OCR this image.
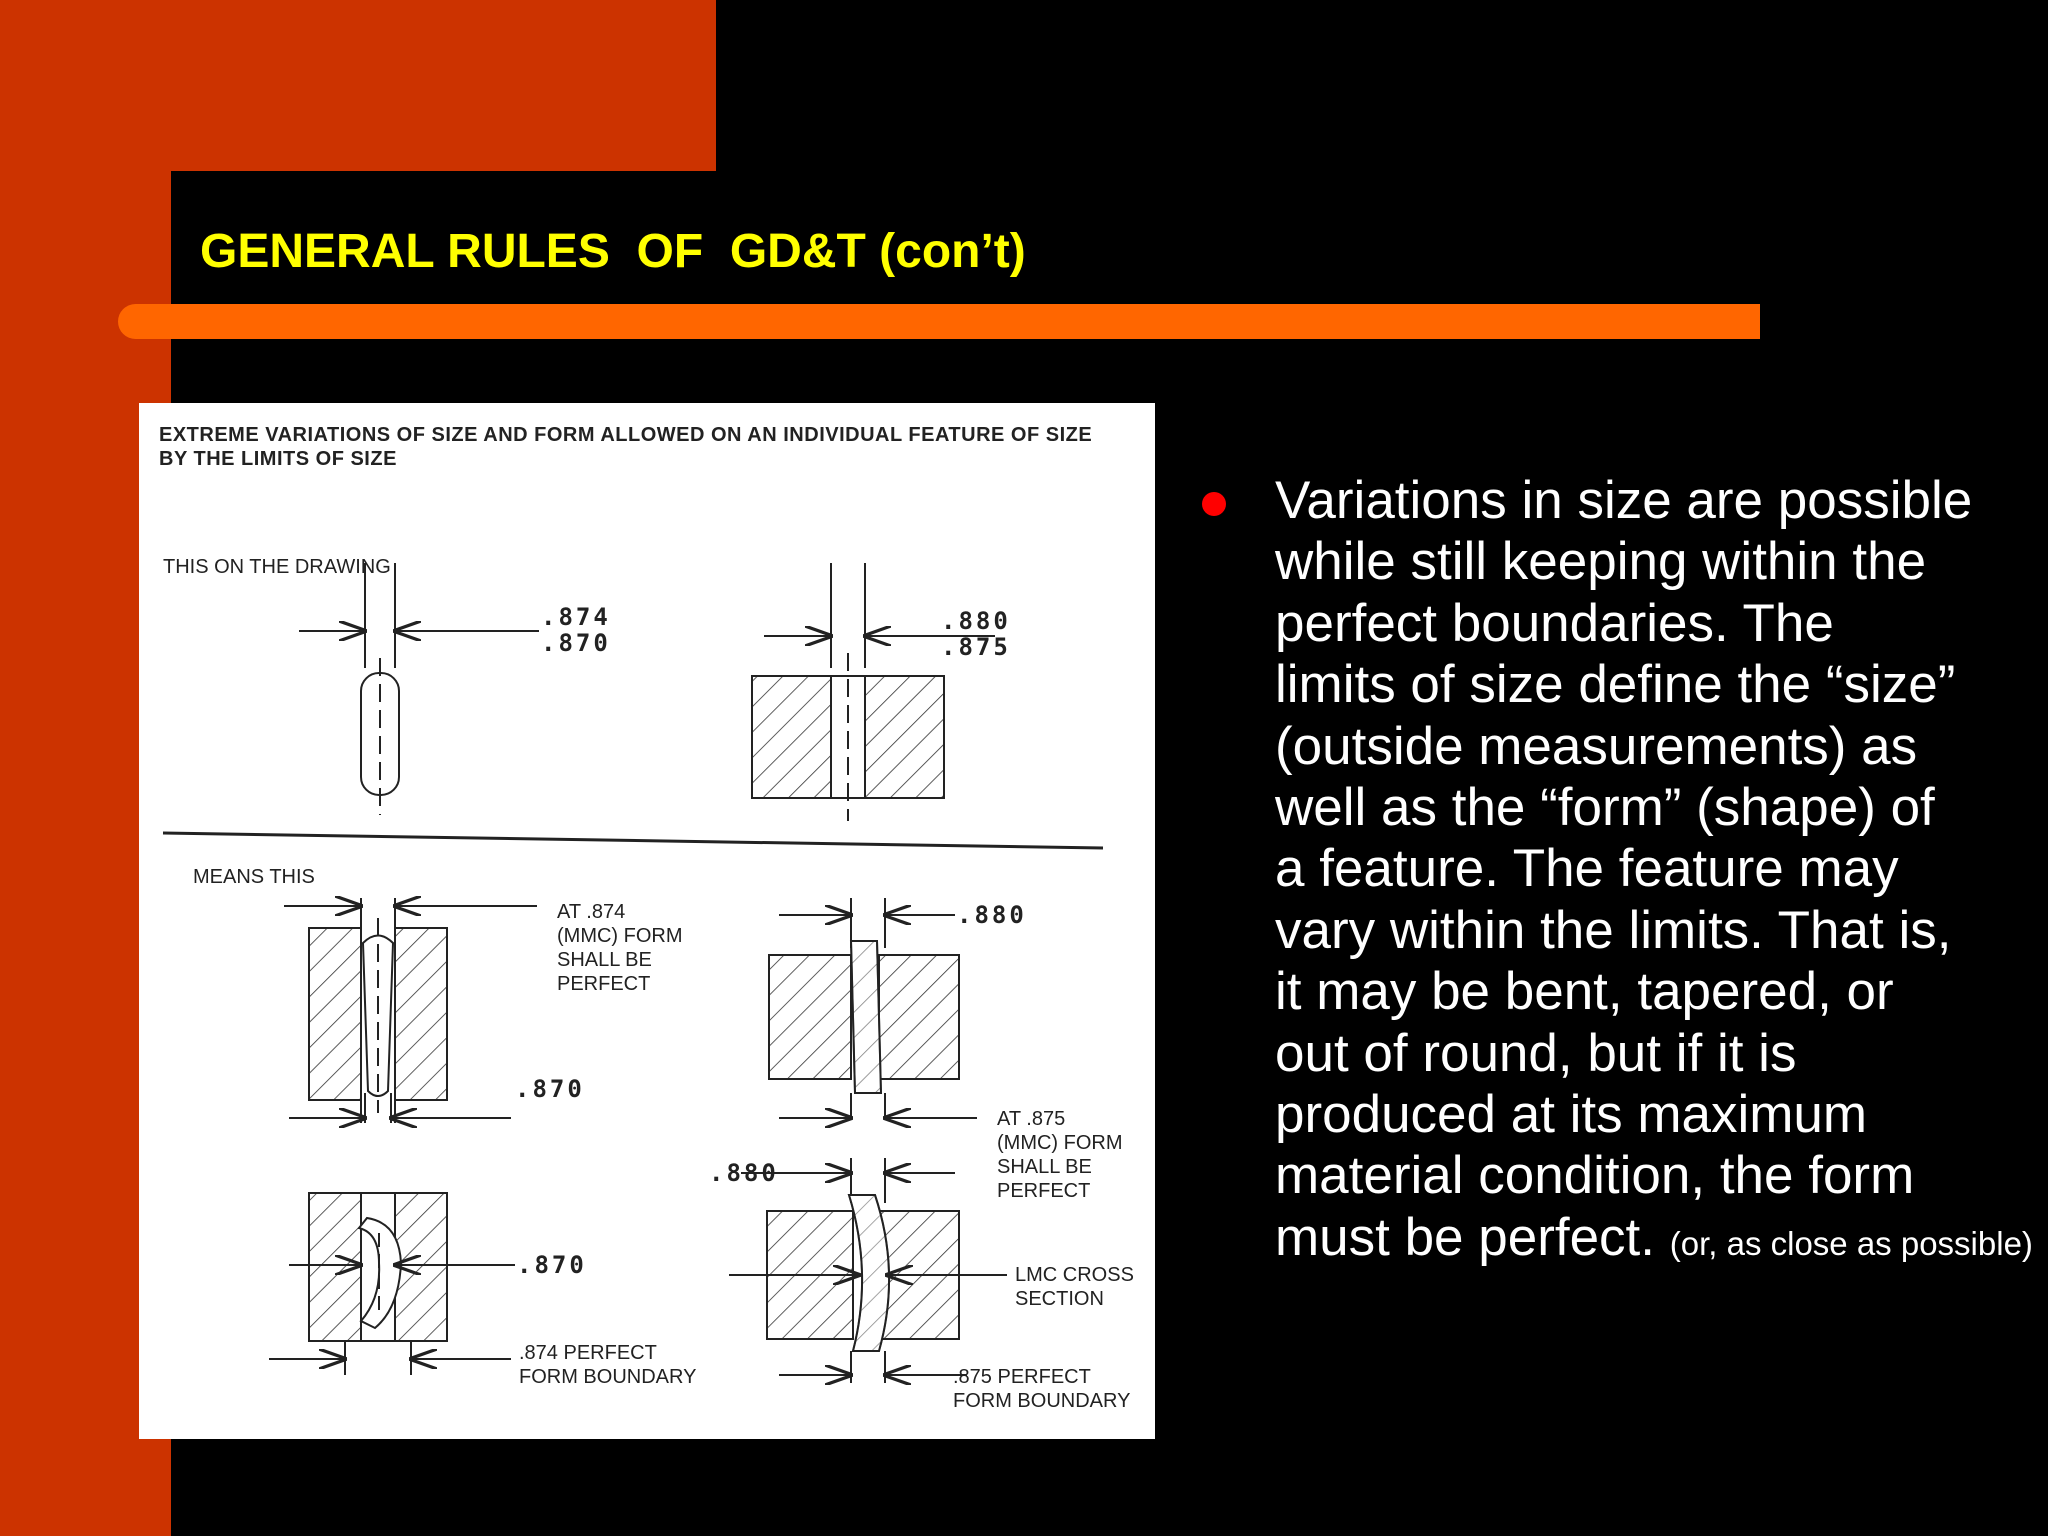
GENERAL RULES  OF  GD&T (con’t)
EXTREME VARIATIONS OF SIZE AND FORM ALLOWED ON AN INDIVIDUAL FEATURE OF SIZE
BY THE LIMITS OF SIZE
THIS ON THE DRAWING
.874
.870
.880
.875
MEANS THIS
AT .874
(MMC) FORM
SHALL BE
PERFECT
.870
.880
AT .875
(MMC) FORM
SHALL BE
PERFECT
.870
.874 PERFECT
FORM BOUNDARY
.880
LMC CROSS
SECTION
.875 PERFECT
FORM BOUNDARY

Variations in size are possible
while still keeping within the
perfect boundaries. The
limits of size define the “size”
(outside measurements) as
well as the “form” (shape) of
a feature. The feature may
vary within the limits. That is,
it may be bent, tapered, or
out of round, but if it is
produced at its maximum
material condition, the form
must be perfect. (or, as close as possible)
